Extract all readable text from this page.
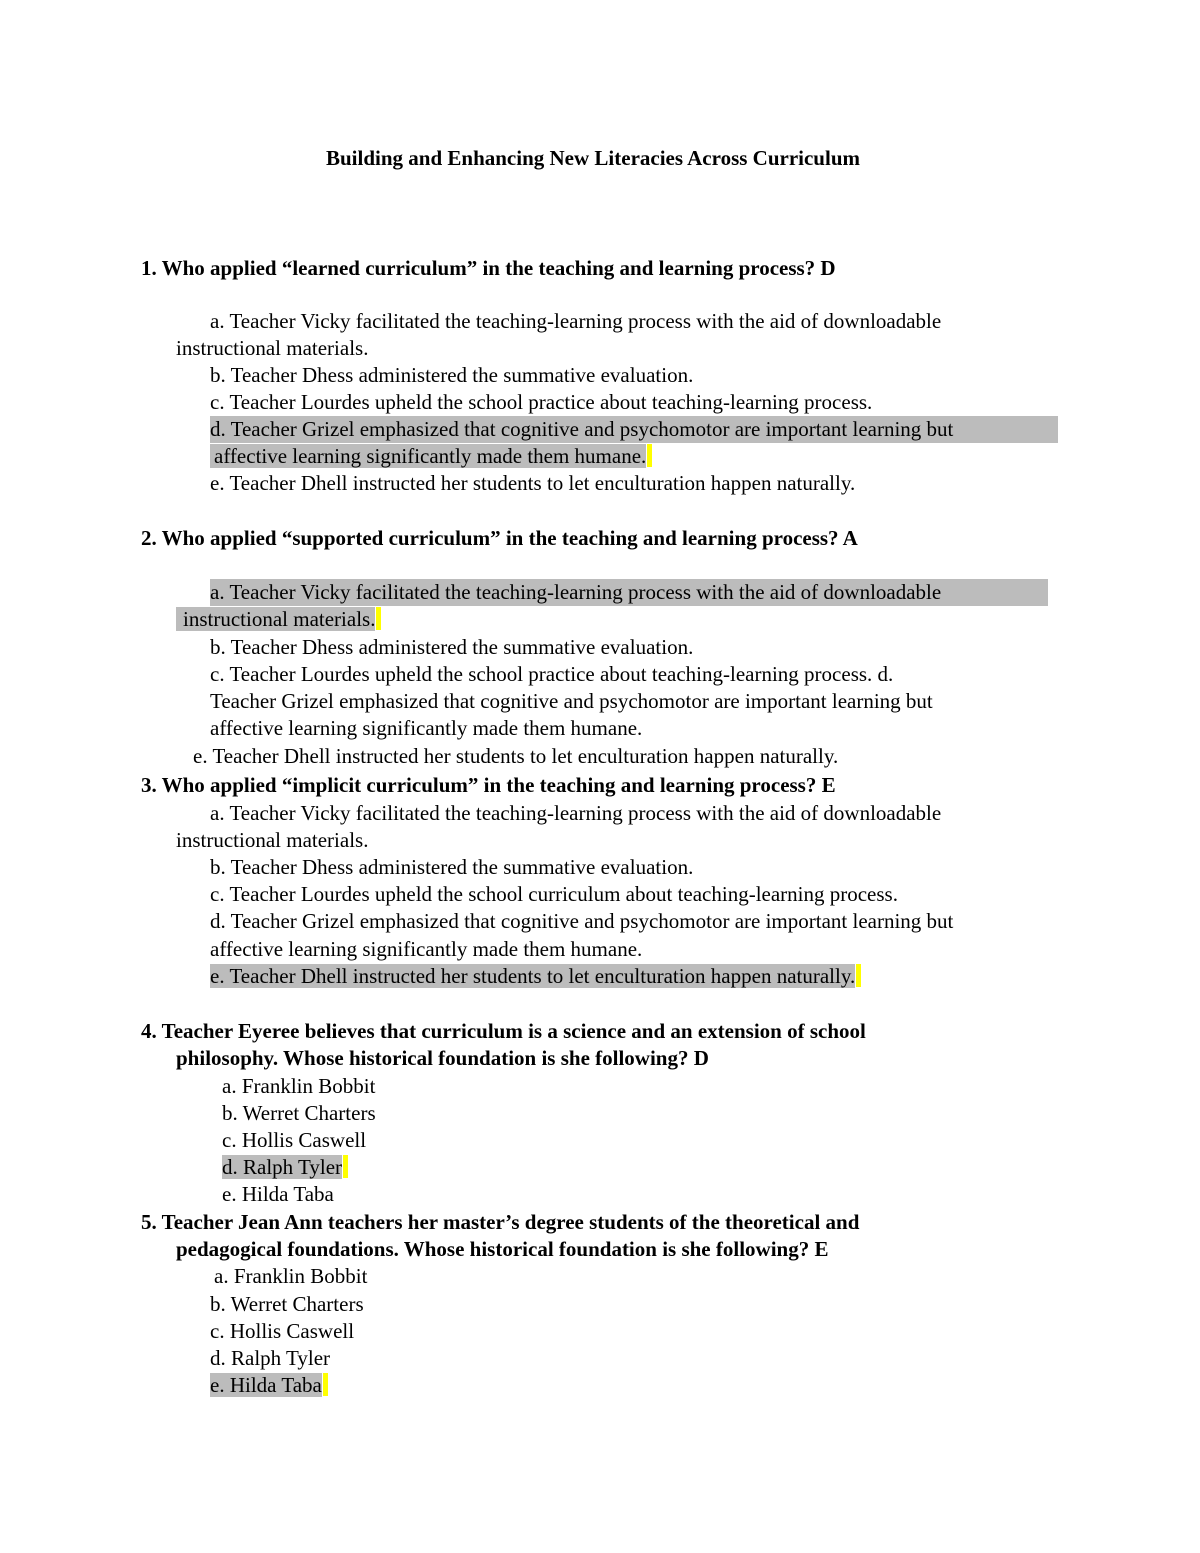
Building and Enhancing New Literacies Across Curriculum
1. Who applied “learned curriculum” in the teaching and learning process? D
a. Teacher Vicky facilitated the teaching-learning process with the aid of downloadable
instructional materials.
b. Teacher Dhess administered the summative evaluation.
c. Teacher Lourdes upheld the school practice about teaching-learning process.
d. Teacher Grizel emphasized that cognitive and psychomotor are important learning but
affective learning significantly made them humane.
e. Teacher Dhell instructed her students to let enculturation happen naturally.
2. Who applied “supported curriculum” in the teaching and learning process? A
a. Teacher Vicky facilitated the teaching-learning process with the aid of downloadable
instructional materials.
b. Teacher Dhess administered the summative evaluation.
c. Teacher Lourdes upheld the school practice about teaching-learning process. d.
Teacher Grizel emphasized that cognitive and psychomotor are important learning but
affective learning significantly made them humane.
e. Teacher Dhell instructed her students to let enculturation happen naturally.
3. Who applied “implicit curriculum” in the teaching and learning process? E
a. Teacher Vicky facilitated the teaching-learning process with the aid of downloadable
instructional materials.
b. Teacher Dhess administered the summative evaluation.
c. Teacher Lourdes upheld the school curriculum about teaching-learning process.
d. Teacher Grizel emphasized that cognitive and psychomotor are important learning but
affective learning significantly made them humane.
e. Teacher Dhell instructed her students to let enculturation happen naturally.
4. Teacher Eyeree believes that curriculum is a science and an extension of school
philosophy. Whose historical foundation is she following? D
a. Franklin Bobbit
b. Werret Charters
c. Hollis Caswell
d. Ralph Tyler
e. Hilda Taba
5. Teacher Jean Ann teachers her master’s degree students of the theoretical and
pedagogical foundations. Whose historical foundation is she following? E
a. Franklin Bobbit
b. Werret Charters
c. Hollis Caswell
d. Ralph Tyler
e. Hilda Taba
